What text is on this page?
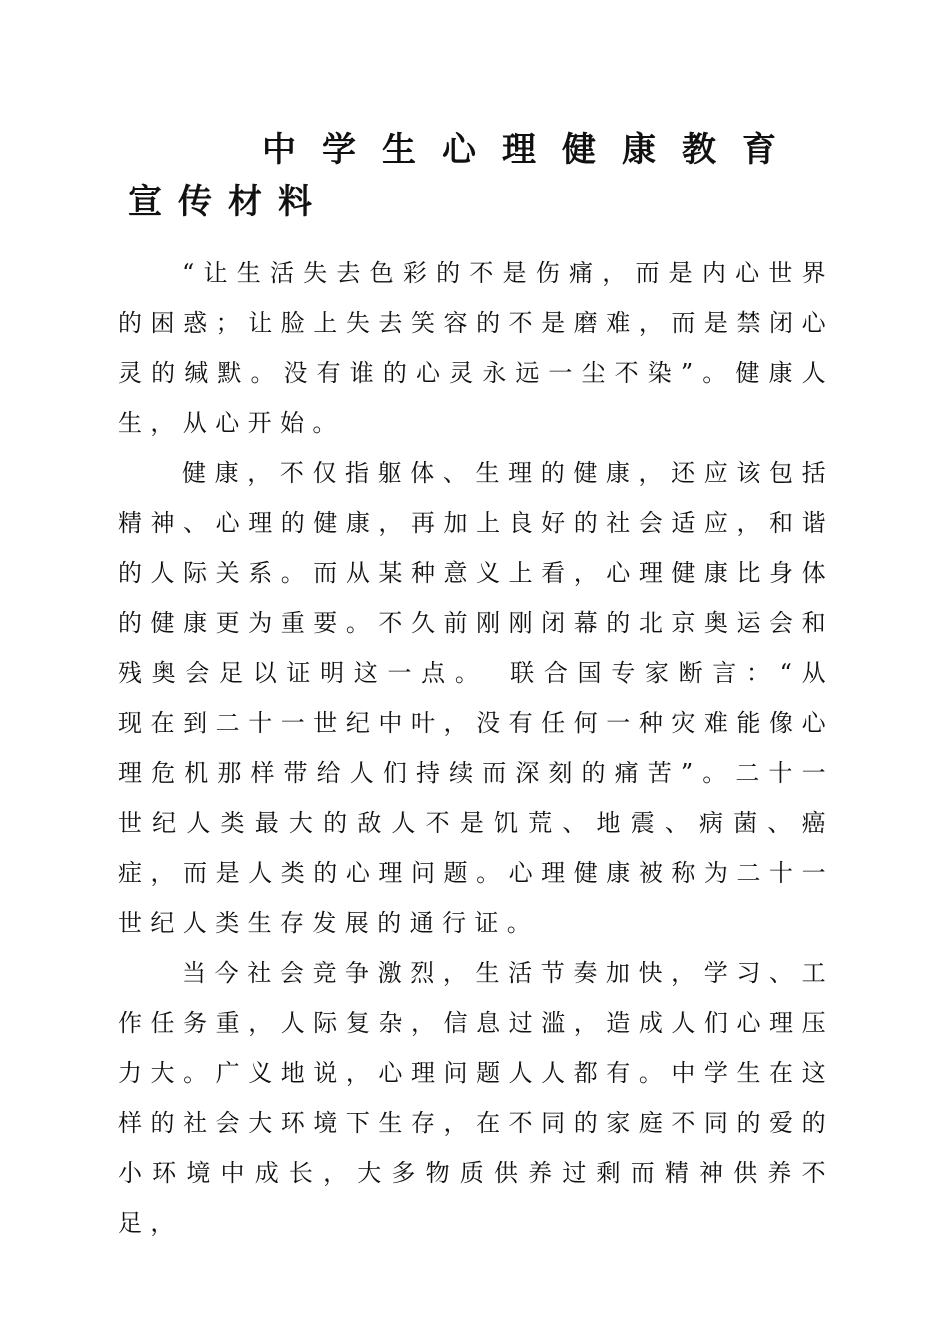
中学生心理健康教育
宣传材料

“让生活失去色彩的不是伤痛，而是内心世界的困惑；让脸上失去笑容的不是磨难，而是禁闭心灵的缄默。没有谁的心灵永远一尘不染”。健康人生，从心开始。

健康，不仅指躯体、生理的健康，还应该包括精神、心理的健康，再加上良好的社会适应，和谐的人际关系。而从某种意义上看，心理健康比身体的健康更为重要。不久前刚刚闭幕的北京奥运会和残奥会足以证明这一点。　联合国专家断言：“从现在到二十一世纪中叶，没有任何一种灾难能像心理危机那样带给人们持续而深刻的痛苦”。二十一世纪人类最大的敌人不是饥荒、地震、病菌、癌症，而是人类的心理问题。心理健康被称为二十一世纪人类生存发展的通行证。

当今社会竞争激烈，生活节奏加快，学习、工作任务重，人际复杂，信息过滥，造成人们心理压力大。广义地说，心理问题人人都有。中学生在这样的社会大环境下生存，在不同的家庭不同的爱的小环境中成长，大多物质供养过剩而精神供养不足，
